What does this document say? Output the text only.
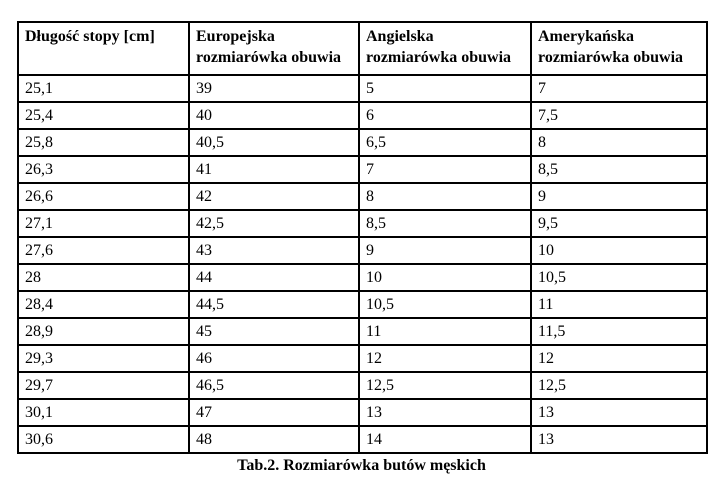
Długość stopy [cm]	Europejska rozmiarówka obuwia	Angielska rozmiarówka obuwia	Amerykańska rozmiarówka obuwia
25,1	39	5	7
25,4	40	6	7,5
25,8	40,5	6,5	8
26,3	41	7	8,5
26,6	42	8	9
27,1	42,5	8,5	9,5
27,6	43	9	10
28	44	10	10,5
28,4	44,5	10,5	11
28,9	45	11	11,5
29,3	46	12	12
29,7	46,5	12,5	12,5
30,1	47	13	13
30,6	48	14	13
Tab.2. Rozmiarówka butów męskich
